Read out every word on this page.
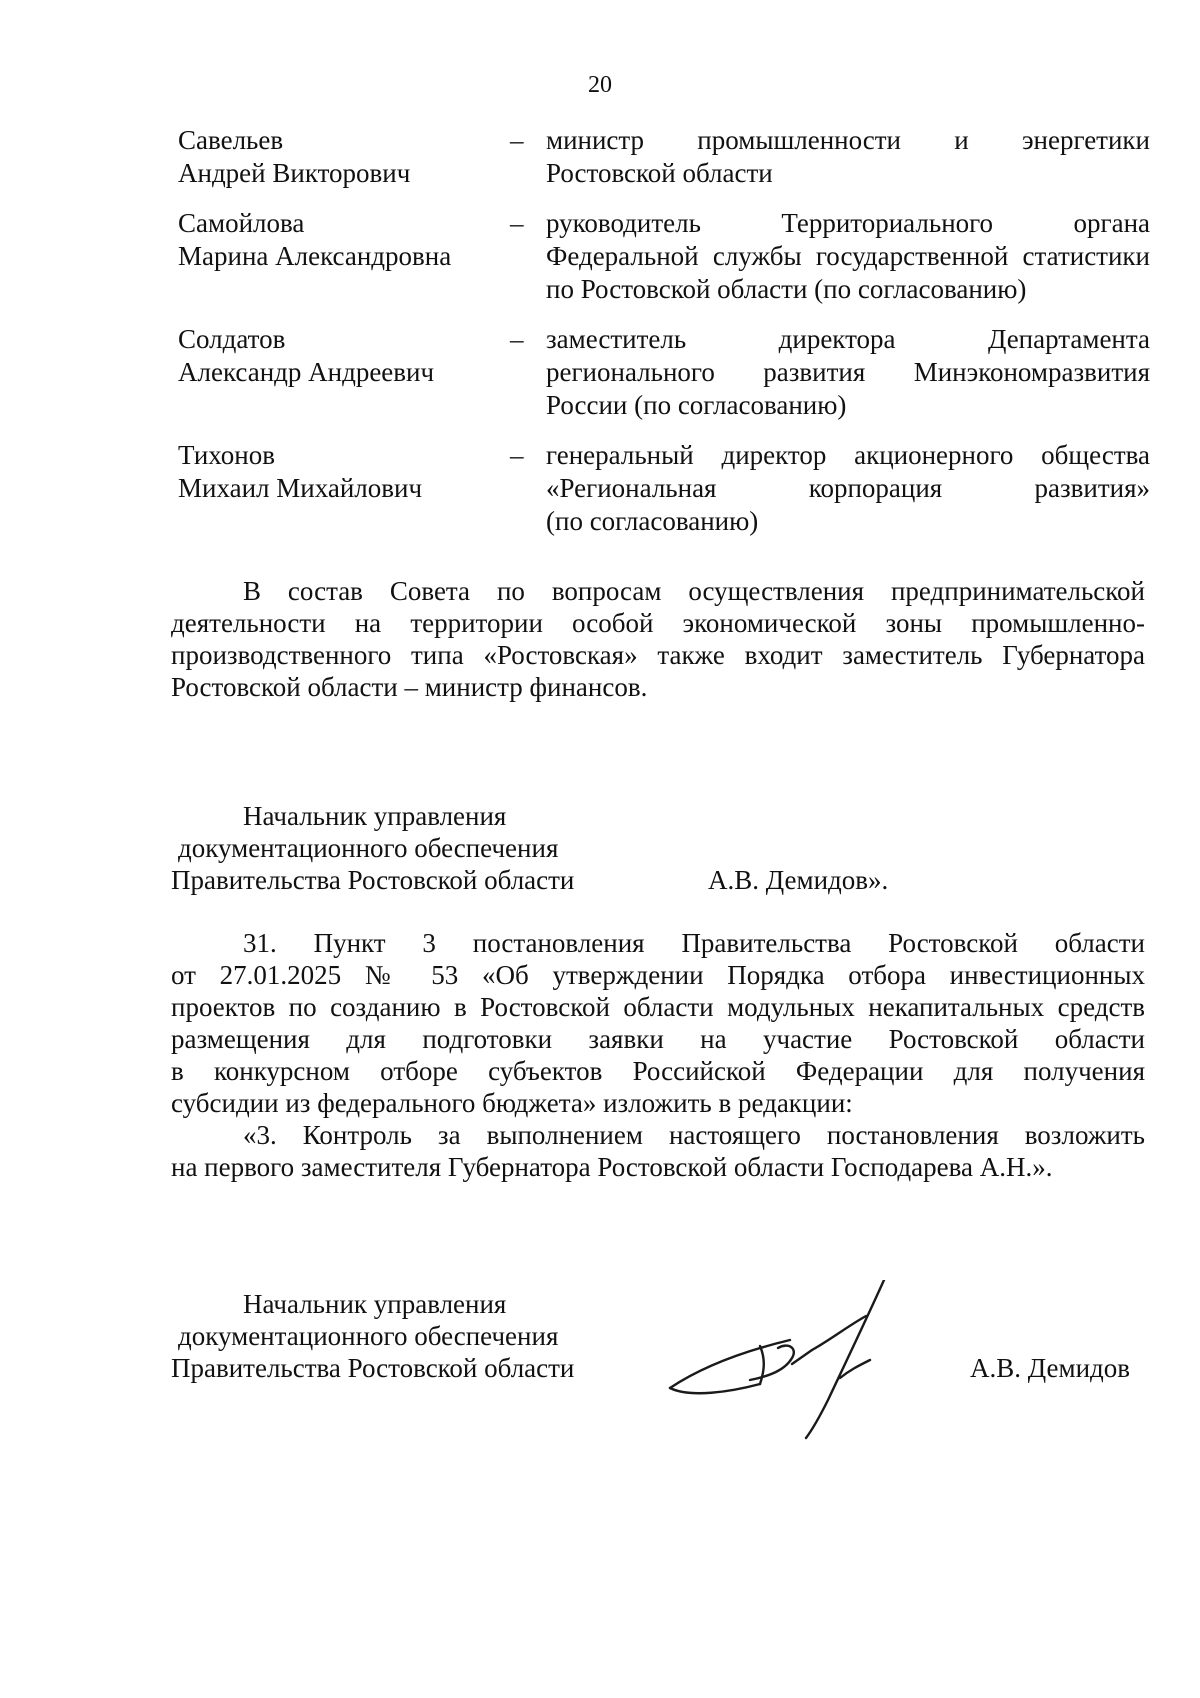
20
Савельев
Андрей Викторович
– министр промышленности и энергетики
Ростовской области
Самойлова
Марина Александровна
– руководитель Территориального органа
Федеральной службы государственной статистики
по Ростовской области (по согласованию)
Солдатов
Александр Андреевич
– заместитель директора Департамента
регионального развития Минэкономразвития
России (по согласованию)
Тихонов
Михаил Михайлович
– генеральный директор акционерного общества
«Региональная корпорация развития»
(по согласованию)
В состав Совета по вопросам осуществления предпринимательской
деятельности на территории особой экономической зоны промышленно-
производственного типа «Ростовская» также входит заместитель Губернатора
Ростовской области – министр финансов.
Начальник управления
документационного обеспечения
Правительства Ростовской области	А.В. Демидов».
31. Пункт 3 постановления Правительства Ростовской области
от 27.01.2025 № 53 «Об утверждении Порядка отбора инвестиционных
проектов по созданию в Ростовской области модульных некапитальных средств
размещения для подготовки заявки на участие Ростовской области
в конкурсном отборе субъектов Российской Федерации для получения
субсидии из федерального бюджета» изложить в редакции:
«3. Контроль за выполнением настоящего постановления возложить
на первого заместителя Губернатора Ростовской области Господарева А.Н.».
Начальник управления
документационного обеспечения
Правительства Ростовской области	А.В. Демидов
